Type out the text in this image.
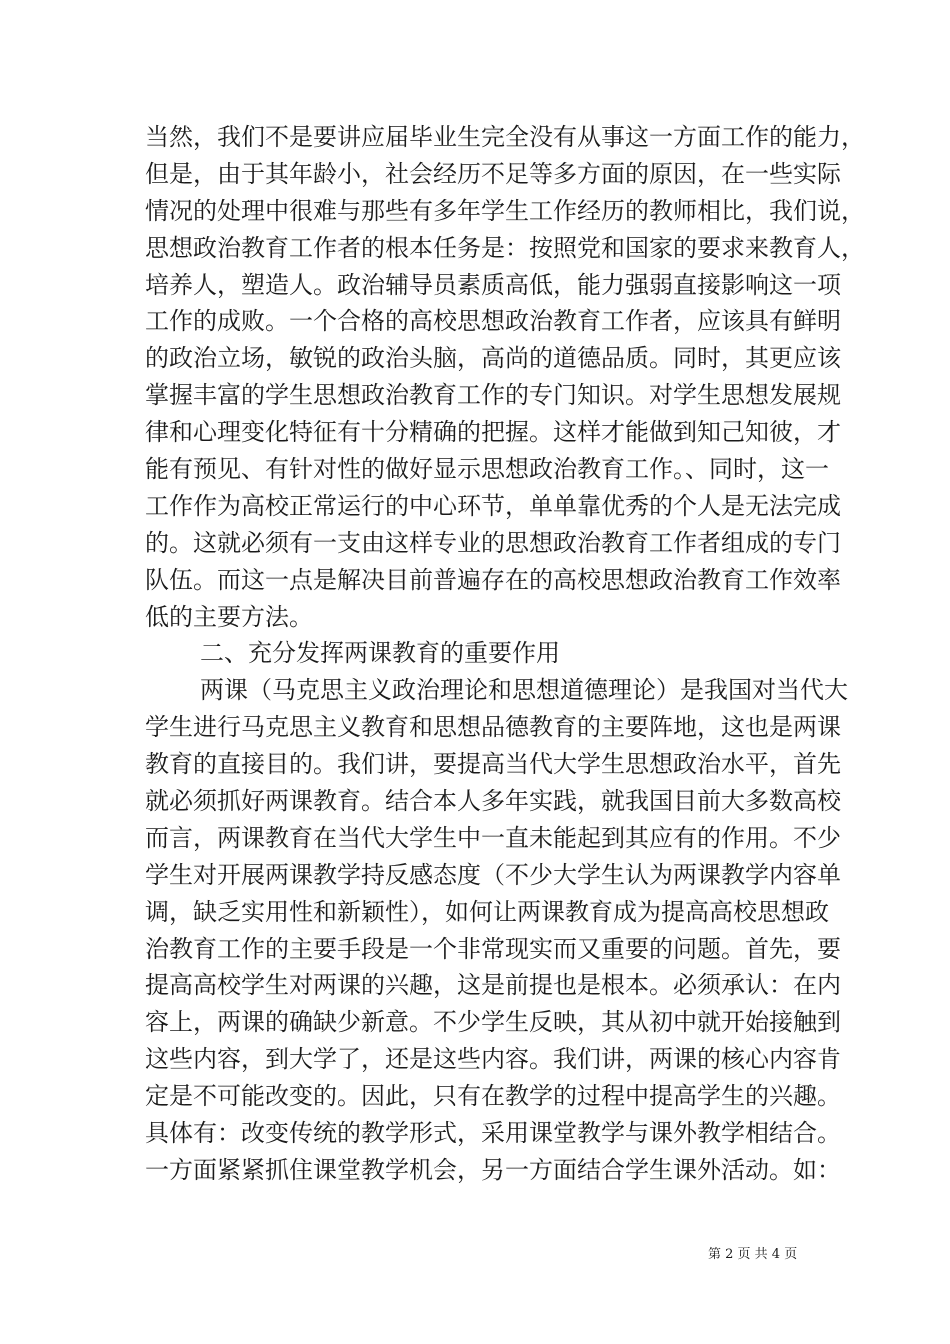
当然，我们不是要讲应届毕业生完全没有从事这一方面工作的能力，
但是，由于其年龄小，社会经历不足等多方面的原因，在一些实际
情况的处理中很难与那些有多年学生工作经历的教师相比，我们说，
思想政治教育工作者的根本任务是：按照党和国家的要求来教育人，
培养人，塑造人。政治辅导员素质高低，能力强弱直接影响这一项
工作的成败。一个合格的高校思想政治教育工作者，应该具有鲜明
的政治立场，敏锐的政治头脑，高尚的道德品质。同时，其更应该
掌握丰富的学生思想政治教育工作的专门知识。对学生思想发展规
律和心理变化特征有十分精确的把握。这样才能做到知己知彼，才
能有预见、有针对性的做好显示思想政治教育工作。、同时，这一
工作作为高校正常运行的中心环节，单单靠优秀的个人是无法完成
的。这就必须有一支由这样专业的思想政治教育工作者组成的专门
队伍。而这一点是解决目前普遍存在的高校思想政治教育工作效率
低的主要方法。
二、充分发挥两课教育的重要作用
两课（马克思主义政治理论和思想道德理论）是我国对当代大
学生进行马克思主义教育和思想品德教育的主要阵地，这也是两课
教育的直接目的。我们讲，要提高当代大学生思想政治水平，首先
就必须抓好两课教育。结合本人多年实践，就我国目前大多数高校
而言，两课教育在当代大学生中一直未能起到其应有的作用。不少
学生对开展两课教学持反感态度（不少大学生认为两课教学内容单
调，缺乏实用性和新颖性），如何让两课教育成为提高高校思想政
治教育工作的主要手段是一个非常现实而又重要的问题。首先，要
提高高校学生对两课的兴趣，这是前提也是根本。必须承认：在内
容上，两课的确缺少新意。不少学生反映，其从初中就开始接触到
这些内容，到大学了，还是这些内容。我们讲，两课的核心内容肯
定是不可能改变的。因此，只有在教学的过程中提高学生的兴趣。
具体有：改变传统的教学形式，采用课堂教学与课外教学相结合。
一方面紧紧抓住课堂教学机会，另一方面结合学生课外活动。如：
第 2 页 共 4 页
